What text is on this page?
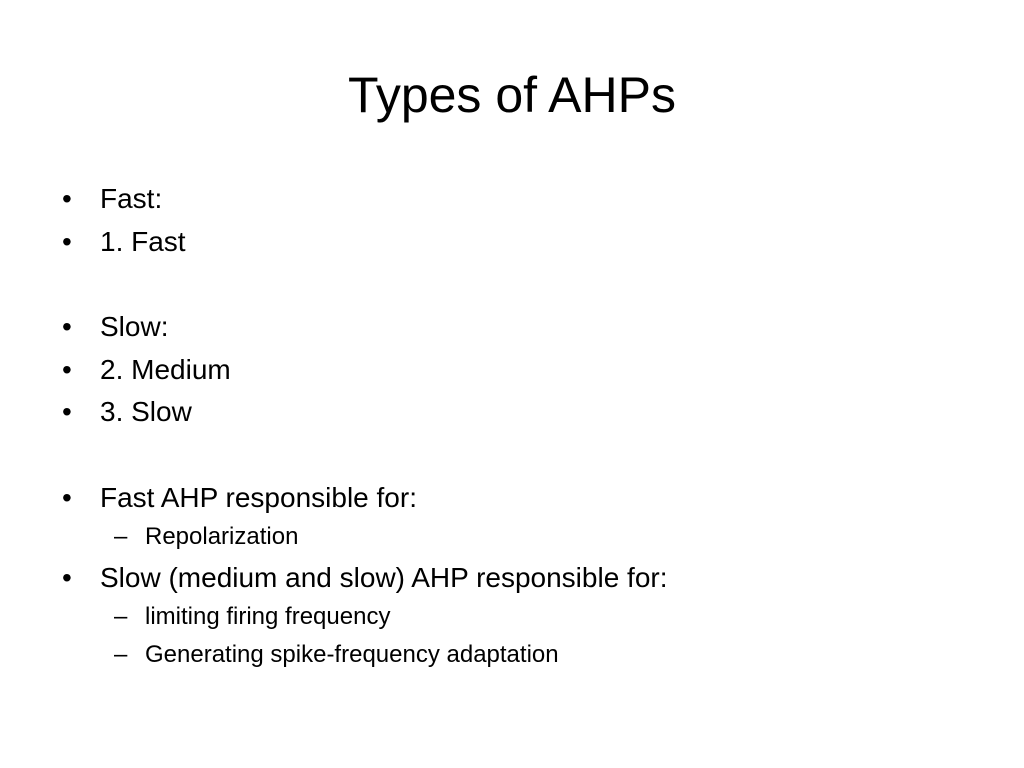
Types of AHPs
•	Fast:
•	1. Fast
•	Slow:
•	2. Medium
•	3. Slow
•	Fast AHP responsible for:
– Repolarization
•	Slow (medium and slow) AHP responsible for:
– limiting firing frequency
– Generating spike-frequency adaptation
